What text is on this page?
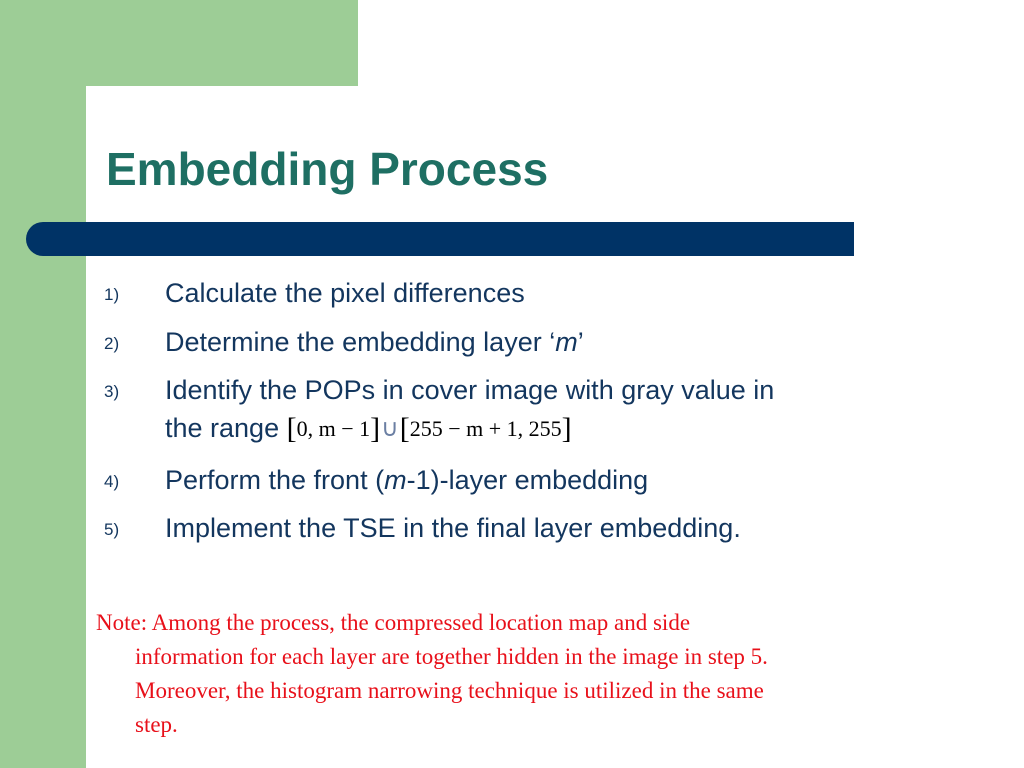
Embedding Process
1) Calculate the pixel differences
2) Determine the embedding layer ‘m’
3) Identify the POPs in cover image with gray value in
the range [0, m − 1]∪[255 − m + 1, 255]
4) Perform the front (m-1)-layer embedding
5) Implement the TSE in the final layer embedding.
Note: Among the process, the compressed location map and side
information for each layer are together hidden in the image in step 5.
Moreover, the histogram narrowing technique is utilized in the same
step.
